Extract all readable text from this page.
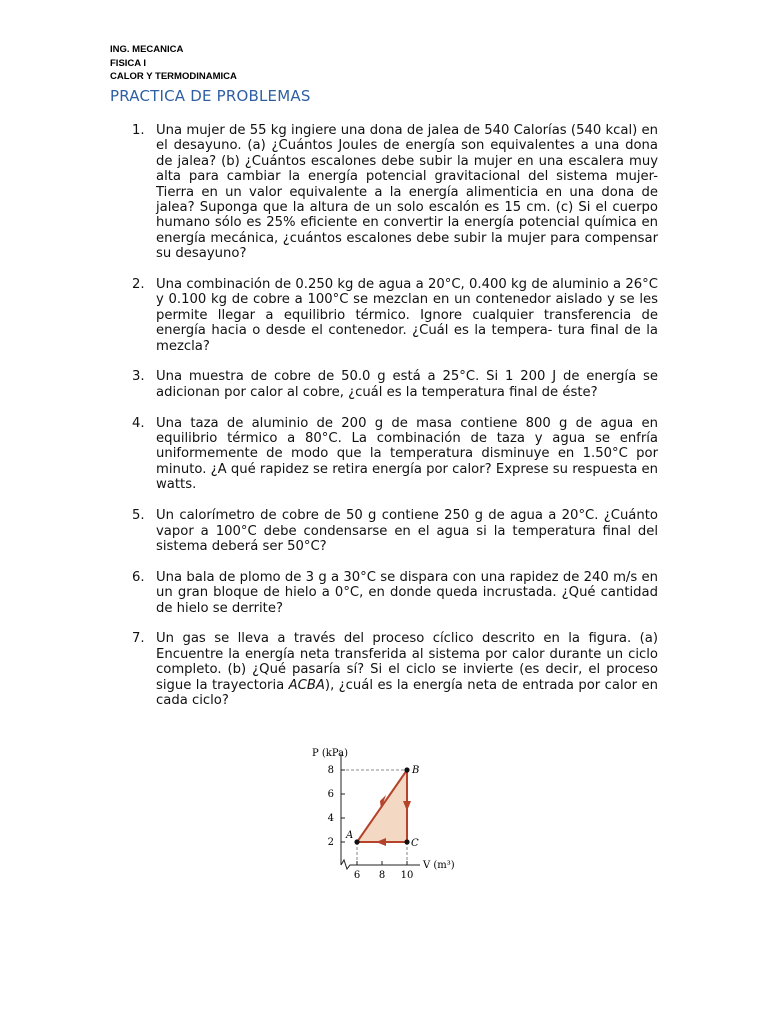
ING. MECANICA
FISICA I
CALOR Y TERMODINAMICA
PRACTICA DE PROBLEMAS
1. Una mujer de 55 kg ingiere una dona de jalea de 540 Calorías (540 kcal) en el desayuno. (a) ¿Cuántos Joules de energía son equivalentes a una dona de jalea? (b) ¿Cuántos escalones debe subir la mujer en una escalera muy alta para cambiar la energía potencial gravitacional del sistema mujer-Tierra en un valor equivalente a la energía alimenticia en una dona de jalea? Suponga que la altura de un solo escalón es 15 cm. (c) Si el cuerpo humano sólo es 25% eficiente en convertir la energía potencial química en energía mecánica, ¿cuántos escalones debe subir la mujer para compensar su desayuno?
2. Una combinación de 0.250 kg de agua a 20°C, 0.400 kg de aluminio a 26°C y 0.100 kg de cobre a 100°C se mezclan en un contenedor aislado y se les permite llegar a equilibrio térmico. Ignore cualquier transferencia de energía hacia o desde el contenedor. ¿Cuál es la tempera- tura final de la mezcla?
3. Una muestra de cobre de 50.0 g está a 25°C. Si 1 200 J de energía se adicionan por calor al cobre, ¿cuál es la temperatura final de éste?
4. Una taza de aluminio de 200 g de masa contiene 800 g de agua en equilibrio térmico a 80°C. La combinación de taza y agua se enfría uniformemente de modo que la temperatura disminuye en 1.50°C por minuto. ¿A qué rapidez se retira energía por calor? Exprese su respuesta en watts.
5. Un calorímetro de cobre de 50 g contiene 250 g de agua a 20°C. ¿Cuánto vapor a 100°C debe condensarse en el agua si la temperatura final del sistema deberá ser 50°C?
6. Una bala de plomo de 3 g a 30°C se dispara con una rapidez de 240 m/s en un gran bloque de hielo a 0°C, en donde queda incrustada. ¿Qué cantidad de hielo se derrite?
7. Un gas se lleva a través del proceso cíclico descrito en la figura. (a) Encuentre la energía neta transferida al sistema por calor durante un ciclo completo. (b) ¿Qué pasaría sí? Si el ciclo se invierte (es decir, el proceso sigue la trayectoria ACBA), ¿cuál es la energía neta de entrada por calor en cada ciclo?
P (kPa)
8
6
4
2
6 8 10
V (m³)
A
B
C
